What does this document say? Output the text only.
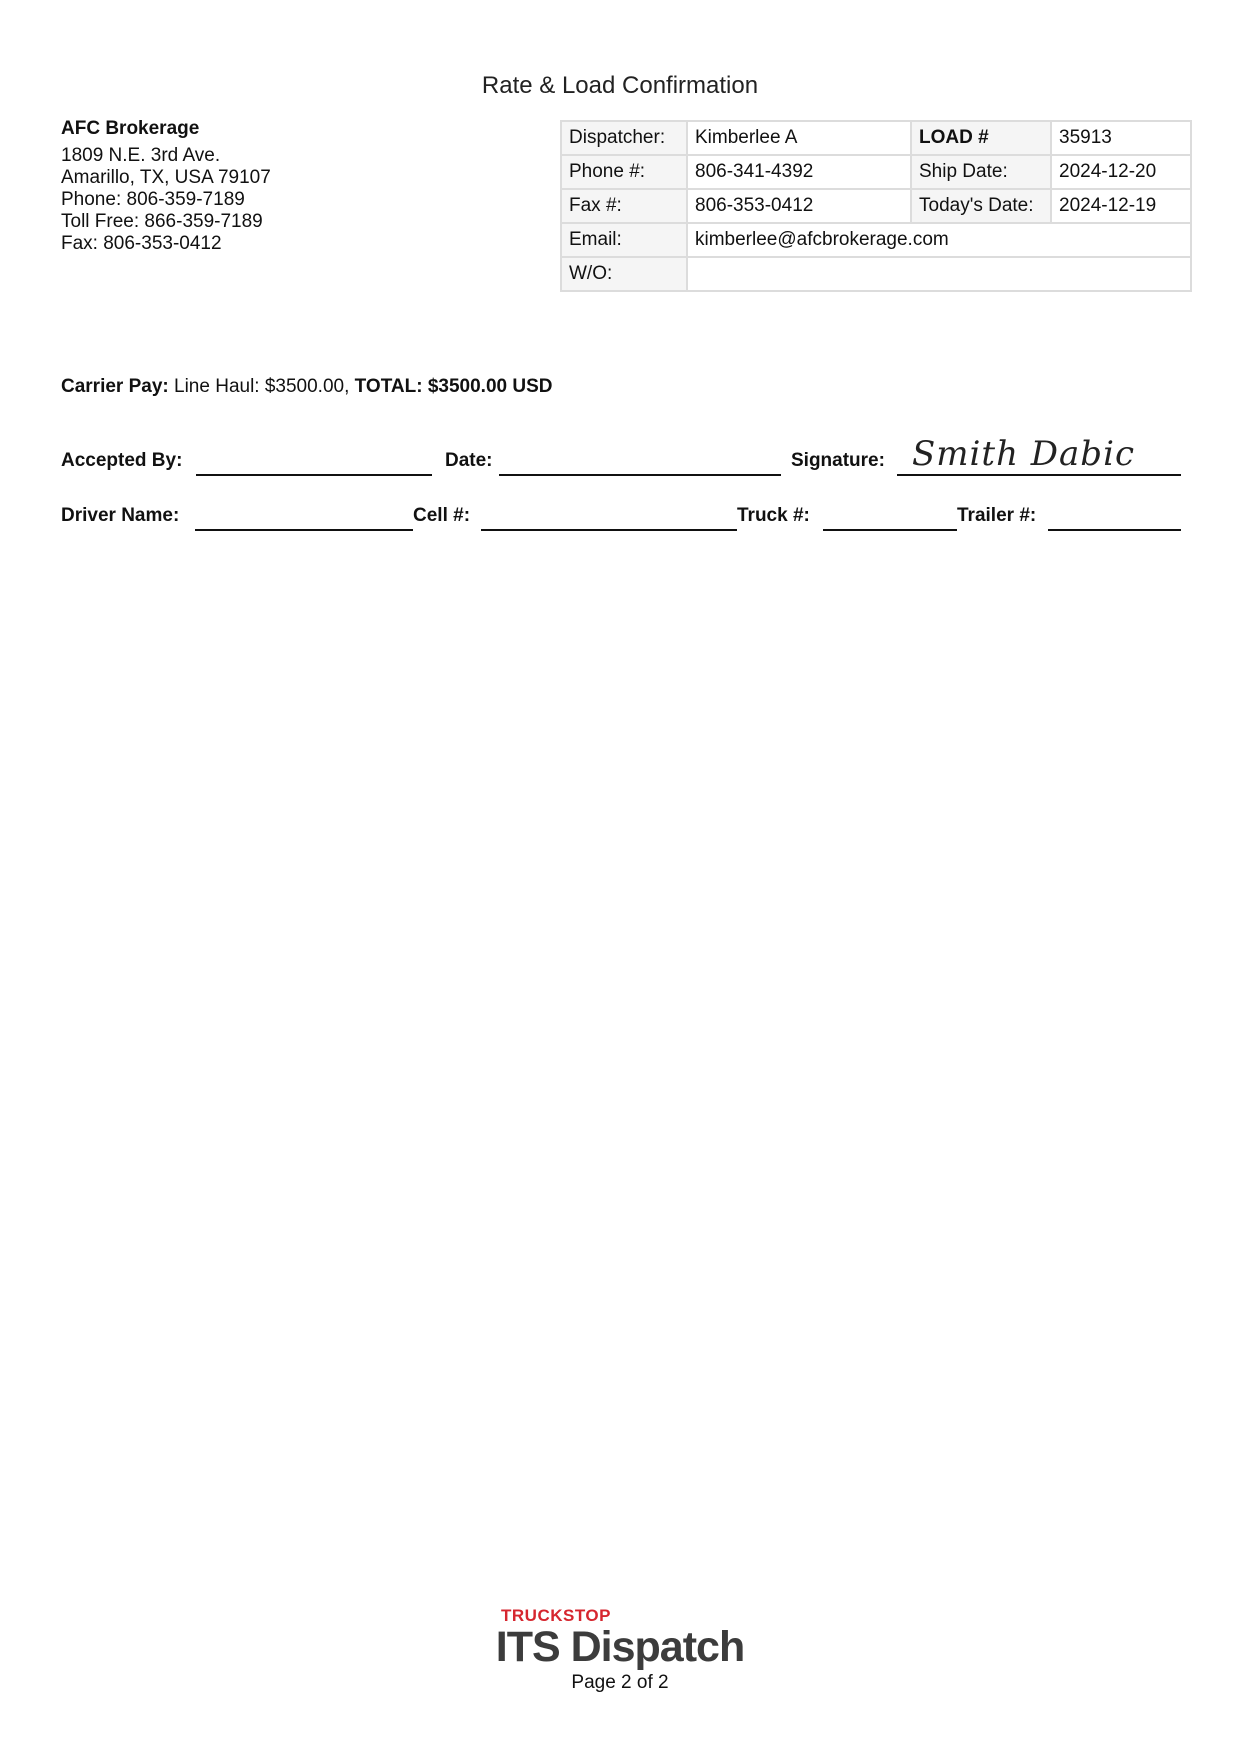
Rate & Load Confirmation
AFC Brokerage
1809 N.E. 3rd Ave.
Amarillo, TX, USA 79107
Phone: 806-359-7189
Toll Free: 866-359-7189
Fax: 806-353-0412
Dispatcher:	Kimberlee A	LOAD #	35913
Phone #:	806-341-4392	Ship Date:	2024-12-20
Fax #:	806-353-0412	Today's Date:	2024-12-19
Email:	kimberlee@afcbrokerage.com		
W/O:			
Carrier Pay: Line Haul: $3500.00, TOTAL: $3500.00 USD
Accepted By:	Date:	Signature: Smith Dabic
Driver Name:	Cell #:	Truck #:	Trailer #:
TRUCKSTOP
ITS Dispatch
Page 2 of 2
